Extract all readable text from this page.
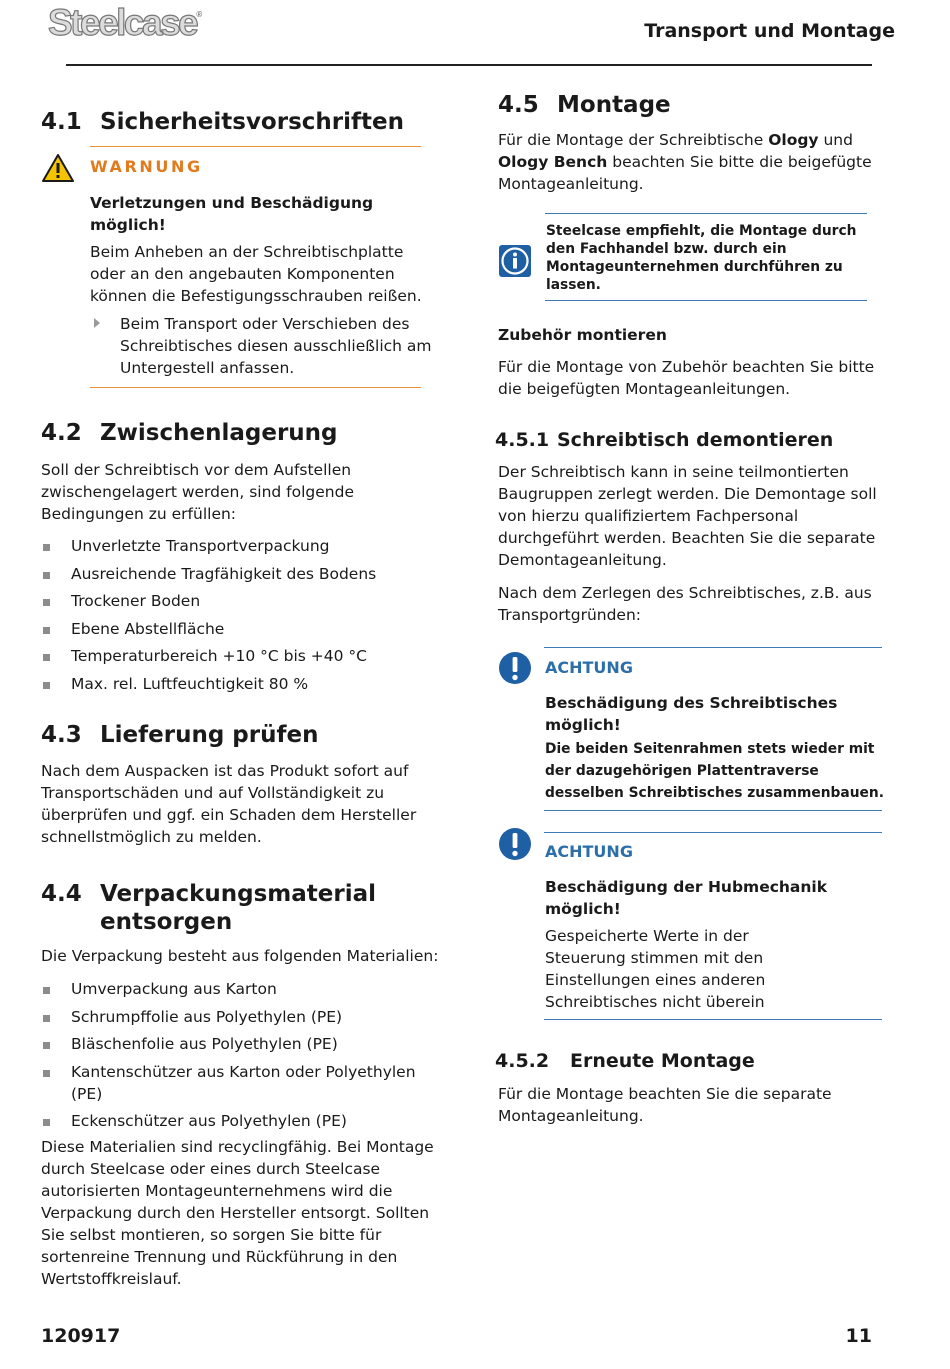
Steelcase®
Transport und Montage
4.1 Sicherheitsvorschriften
WARNUNG

Verletzungen und Beschädigung möglich!

Beim Anheben an der Schreibtischplatte oder an den angebauten Komponenten können die Befestigungsschrauben reißen.

Beim Transport oder Verschieben des Schreibtisches diesen ausschließlich am Untergestell anfassen.

4.2 Zwischenlagerung

Soll der Schreibtisch vor dem Aufstellen zwischengelagert werden, sind folgende Bedingungen zu erfüllen:

Unverletzte Transportverpackung
Ausreichende Tragfähigkeit des Bodens
Trockener Boden
Ebene Abstellfläche
Temperaturbereich +10 °C bis +40 °C
Max. rel. Luftfeuchtigkeit 80 %
4.3 Lieferung prüfen

Nach dem Auspacken ist das Produkt sofort auf Transportschäden und auf Vollständigkeit zu überprüfen und ggf. ein Schaden dem Hersteller schnellstmöglich zu melden.

4.4 Verpackungsmaterial
entsorgen

Die Verpackung besteht aus folgenden Materialien:

Umverpackung aus Karton
Schrumpffolie aus Polyethylen (PE)
Bläschenfolie aus Polyethylen (PE)
Kantenschützer aus Karton oder Polyethylen (PE)
Eckenschützer aus Polyethylen (PE)

Diese Materialien sind recyclingfähig. Bei Montage durch Steelcase oder eines durch Steelcase autorisierten Montageunternehmens wird die Verpackung durch den Hersteller entsorgt. Sollten Sie selbst montieren, so sorgen Sie bitte für sortenreine Trennung und Rückführung in den Wertstoffkreislauf.

4.5 Montage

Für die Montage der Schreibtische Ology und Ology Bench beachten Sie bitte die beigefügte Montageanleitung.

Steelcase empfiehlt, die Montage durch den Fachhandel bzw. durch ein Montageunternehmen durchführen zu lassen.

Zubehör montieren

Für die Montage von Zubehör beachten Sie bitte die beigefügten Montageanleitungen.

4.5.1 Schreibtisch demontieren

Der Schreibtisch kann in seine teilmontierten Baugruppen zerlegt werden. Die Demontage soll von hierzu qualifiziertem Fachpersonal durchgeführt werden. Beachten Sie die separate Demontageanleitung.

Nach dem Zerlegen des Schreibtisches, z.B. aus Transportgründen:

ACHTUNG

Beschädigung des Schreibtisches möglich!

Die beiden Seitenrahmen stets wieder mit der dazugehörigen Plattentraverse desselben Schreibtisches zusammenbauen.

ACHTUNG

Beschädigung der Hubmechanik möglich!

Gespeicherte Werte in der Steuerung stimmen mit den Einstellungen eines anderen Schreibtisches nicht überein

4.5.2	Erneute Montage

Für die Montage beachten Sie die separate Montageanleitung.

120917	11
